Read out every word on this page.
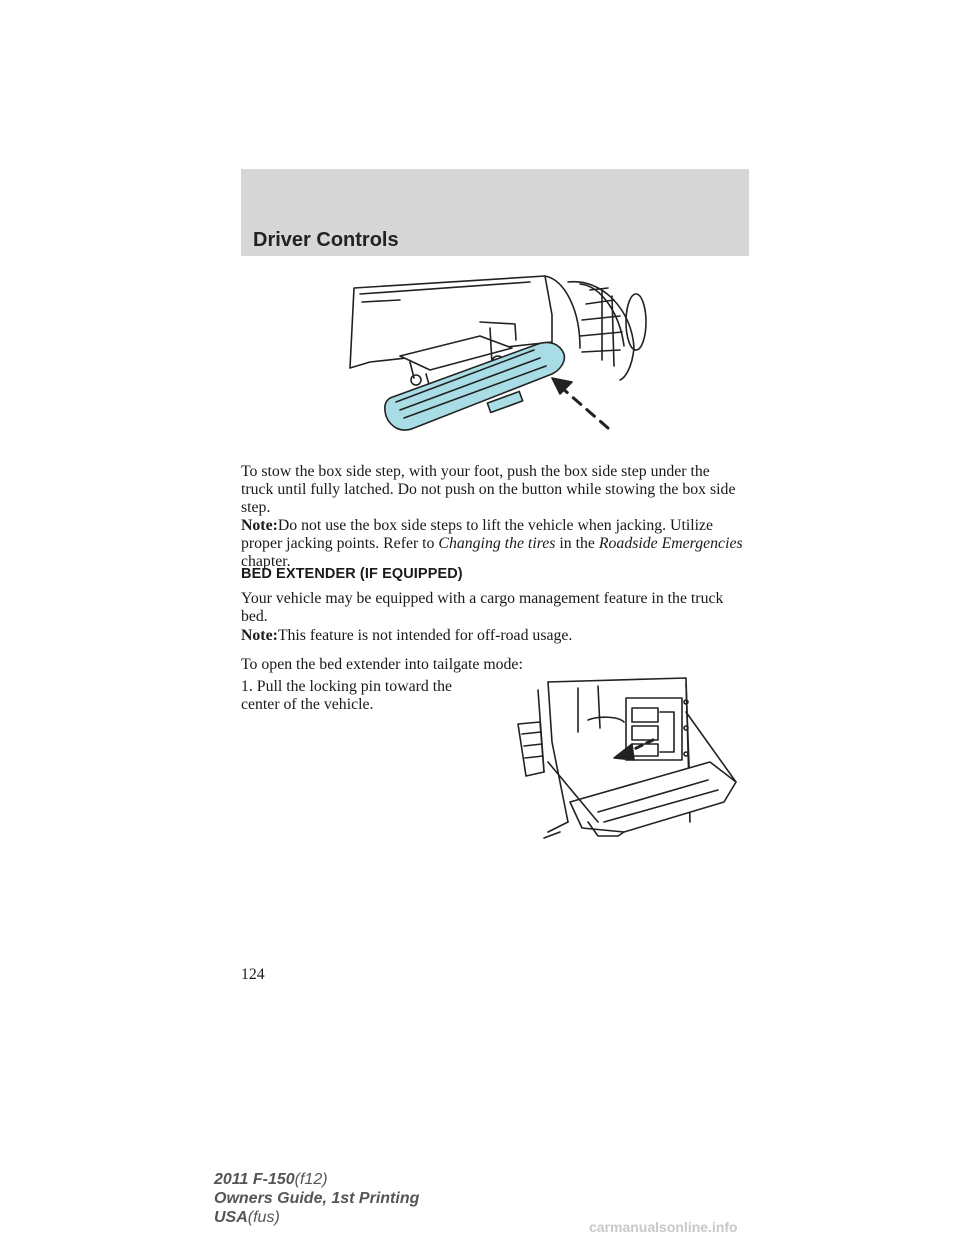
Driver Controls

To stow the box side step, with your foot, push the box side step under the truck until fully latched. Do not push on the button while stowing the box side step.

Note:Do not use the box side steps to lift the vehicle when jacking. Utilize proper jacking points. Refer to Changing the tires in the Roadside Emergencies chapter.

BED EXTENDER (IF EQUIPPED)

Your vehicle may be equipped with a cargo management feature in the truck bed.

Note:This feature is not intended for off-road usage.

To open the bed extender into tailgate mode:

1. Pull the locking pin toward the center of the vehicle.

124
2011 F-150(f12)
Owners Guide, 1st Printing
USA(fus)
carmanualsonline.info
